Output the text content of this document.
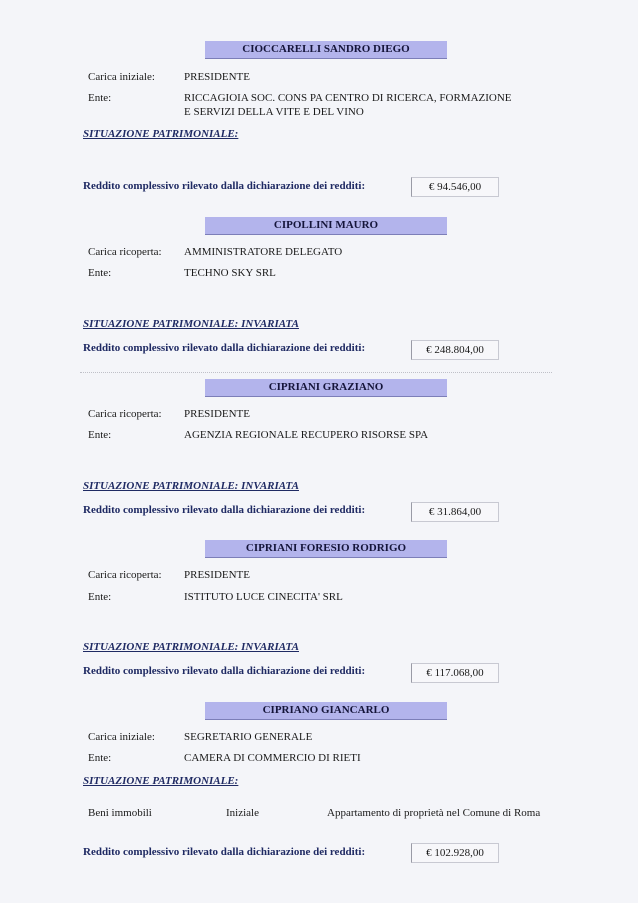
CIOCCARELLI SANDRO DIEGO
Carica iniziale:	PRESIDENTE
Ente:	RICCAGIOIA SOC. CONS PA CENTRO DI RICERCA, FORMAZIONE
E SERVIZI DELLA VITE E DEL VINO
SITUAZIONE PATRIMONIALE:
Reddito complessivo rilevato dalla dichiarazione dei redditi:	€ 94.546,00
CIPOLLINI MAURO
Carica ricoperta: AMMINISTRATORE DELEGATO
Ente:	TECHNO SKY SRL
SITUAZIONE PATRIMONIALE: INVARIATA
Reddito complessivo rilevato dalla dichiarazione dei redditi:	€ 248.804,00
CIPRIANI GRAZIANO
Carica ricoperta: PRESIDENTE
Ente:	AGENZIA REGIONALE RECUPERO RISORSE SPA
SITUAZIONE PATRIMONIALE: INVARIATA
Reddito complessivo rilevato dalla dichiarazione dei redditi:	€ 31.864,00
CIPRIANI FORESIO RODRIGO
Carica ricoperta: PRESIDENTE
Ente:	ISTITUTO LUCE CINECITA' SRL
SITUAZIONE PATRIMONIALE: INVARIATA
Reddito complessivo rilevato dalla dichiarazione dei redditi:	€ 117.068,00
CIPRIANO GIANCARLO
Carica iniziale:	SEGRETARIO GENERALE
Ente:	CAMERA DI COMMERCIO DI RIETI
SITUAZIONE PATRIMONIALE:
Beni immobili	Iniziale	Appartamento di proprietà nel Comune di Roma
Reddito complessivo rilevato dalla dichiarazione dei redditi:	€ 102.928,00
